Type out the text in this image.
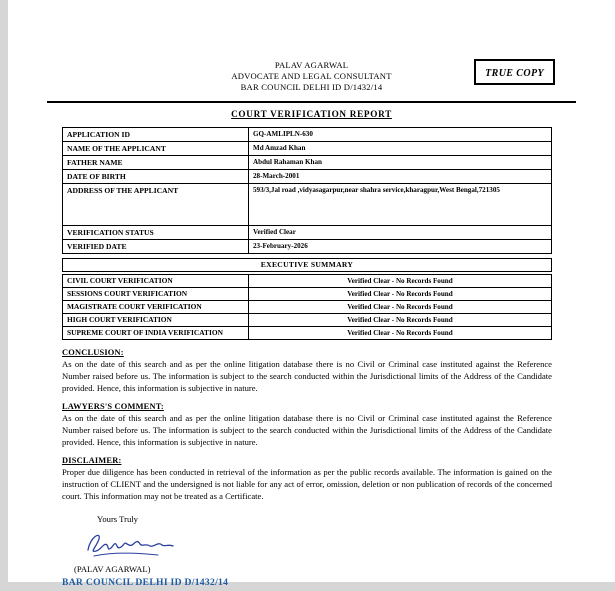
TRUE COPY
PALAV AGARWAL
ADVOCATE AND LEGAL CONSULTANT
BAR COUNCIL DELHI ID D/1432/14
COURT VERIFICATION REPORT
APPLICATION ID	GQ-AMLIPLN-630
NAME OF THE APPLICANT	Md Amzad Khan
FATHER NAME	Abdul Rahaman Khan
DATE OF BIRTH	28-March-2001
ADDRESS OF THE APPLICANT	593/3,Jal road ,vidyasagarpur,near shahra service,kharagpur,West Bengal,721305
VERIFICATION STATUS	Verified Clear
VERIFIED DATE	23-February-2026
EXECUTIVE SUMMARY
CIVIL COURT VERIFICATION	Verified Clear - No Records Found
SESSIONS COURT VERIFICATION	Verified Clear - No Records Found
MAGISTRATE COURT VERIFICATION	Verified Clear - No Records Found
HIGH COURT VERIFICATION	Verified Clear - No Records Found
SUPREME COURT OF INDIA VERIFICATION	Verified Clear - No Records Found
CONCLUSION:
As on the date of this search and as per the online litigation database there is no Civil or Criminal case instituted against the Reference Number raised before us. The information is subject to the search conducted within the Jurisdictional limits of the Address of the Candidate provided. Hence, this information is subjective in nature.
LAWYERS'S COMMENT:
As on the date of this search and as per the online litigation database there is no Civil or Criminal case instituted against the Reference Number raised before us. The information is subject to the search conducted within the Jurisdictional limits of the Address of the Candidate provided. Hence, this information is subjective in nature.
DISCLAIMER:
Proper due diligence has been conducted in retrieval of the information as per the public records available. The information is gained on the instruction of CLIENT and the undersigned is not liable for any act of error, omission, deletion or non publication of records of the concerned court. This information may not be treated as a Certificate.
Yours Truly
(PALAV AGARWAL)
BAR COUNCIL DELHI ID D/1432/14
